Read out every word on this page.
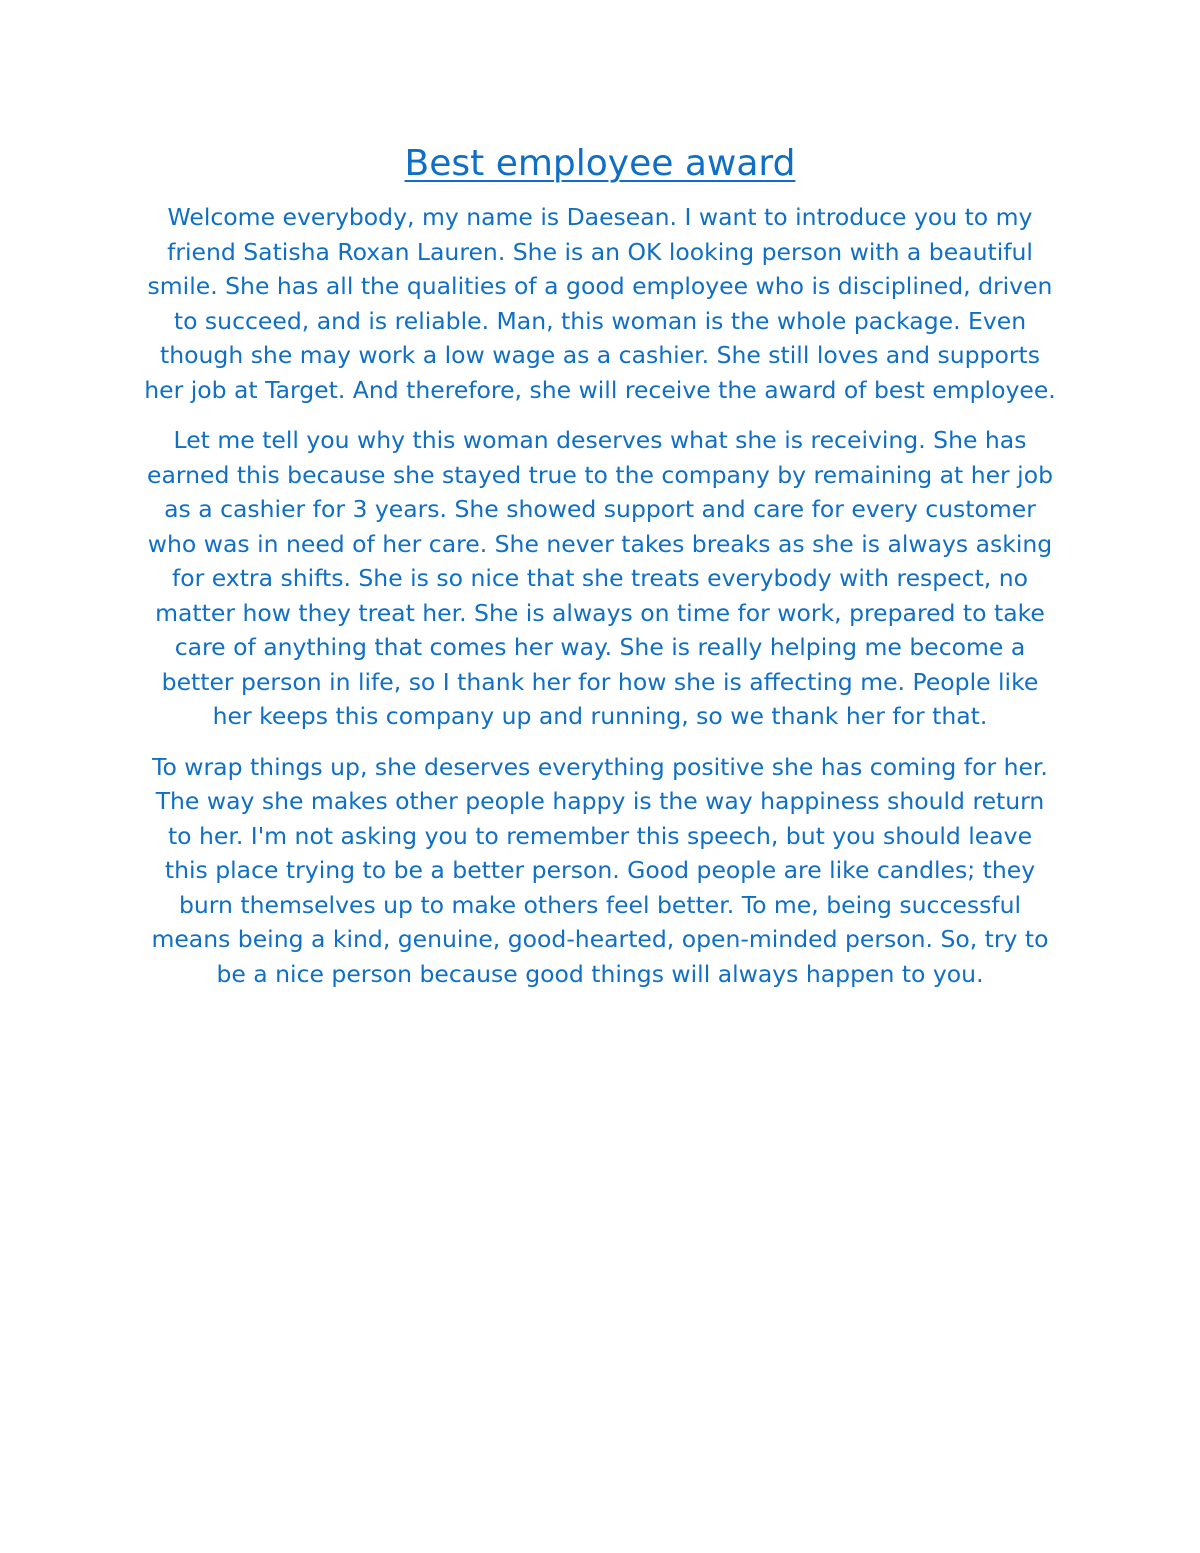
Best employee award

Welcome everybody, my name is Daesean. I want to introduce you to my friend Satisha Roxan Lauren. She is an OK looking person with a beautiful smile. She has all the qualities of a good employee who is disciplined, driven to succeed, and is reliable. Man, this woman is the whole package. Even though she may work a low wage as a cashier. She still loves and supports her job at Target. And therefore, she will receive the award of best employee.

Let me tell you why this woman deserves what she is receiving. She has earned this because she stayed true to the company by remaining at her job as a cashier for 3 years. She showed support and care for every customer who was in need of her care. She never takes breaks as she is always asking for extra shifts. She is so nice that she treats everybody with respect, no matter how they treat her. She is always on time for work, prepared to take care of anything that comes her way. She is really helping me become a better person in life, so I thank her for how she is affecting me. People like her keeps this company up and running, so we thank her for that.

To wrap things up, she deserves everything positive she has coming for her. The way she makes other people happy is the way happiness should return to her. I'm not asking you to remember this speech, but you should leave this place trying to be a better person. Good people are like candles; they burn themselves up to make others feel better. To me, being successful means being a kind, genuine, good-hearted, open-minded person. So, try to be a nice person because good things will always happen to you.
